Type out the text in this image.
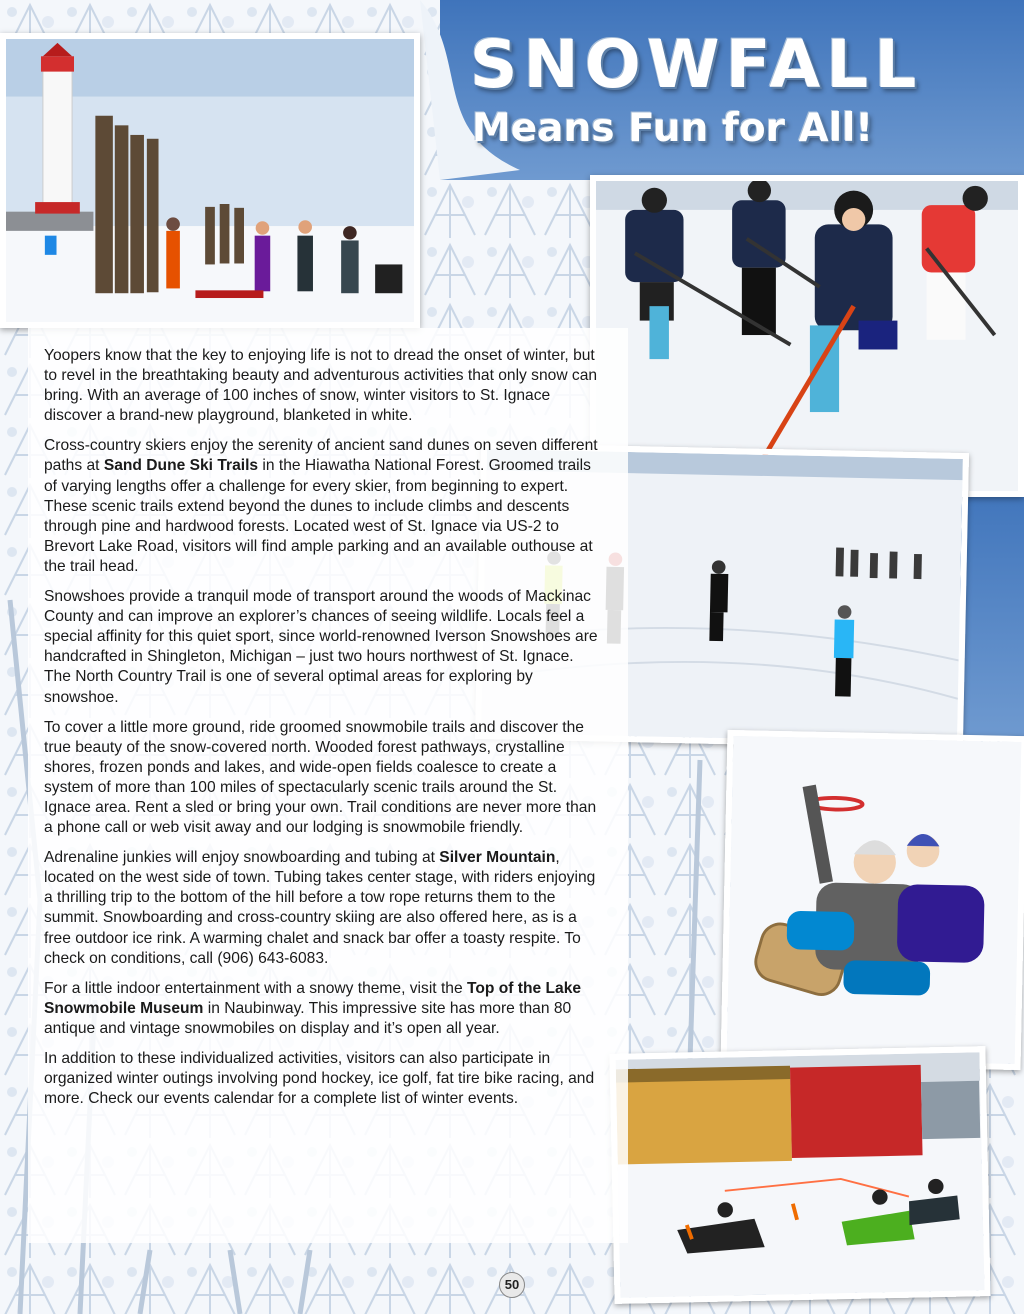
SNOWFALL
Means Fun for All!

Yoopers know that the key to enjoying life is not to dread the onset of winter, but to revel in the breathtaking beauty and adventurous activities that only snow can bring. With an average of 100 inches of snow, winter visitors to St. Ignace discover a brand-new playground, blanketed in white.

Cross-country skiers enjoy the serenity of ancient sand dunes on seven different paths at Sand Dune Ski Trails in the Hiawatha National Forest. Groomed trails of varying lengths offer a challenge for every skier, from beginning to expert. These scenic trails extend beyond the dunes to include climbs and descents through pine and hardwood forests. Located west of St. Ignace via US-2 to Brevort Lake Road, visitors will find ample parking and an available outhouse at the trail head.

Snowshoes provide a tranquil mode of transport around the woods of Mackinac County and can improve an explorer’s chances of seeing wildlife. Locals feel a special affinity for this quiet sport, since world-renowned Iverson Snowshoes are handcrafted in Shingleton, Michigan – just two hours northwest of St. Ignace. The North Country Trail is one of several optimal areas for exploring by snowshoe.

To cover a little more ground, ride groomed snowmobile trails and discover the true beauty of the snow-covered north. Wooded forest pathways, crystalline shores, frozen ponds and lakes, and wide-open fields coalesce to create a system of more than 100 miles of spectacularly scenic trails around the St. Ignace area. Rent a sled or bring your own. Trail conditions are never more than a phone call or web visit away and our lodging is snowmobile friendly.

Adrenaline junkies will enjoy snowboarding and tubing at Silver Mountain, located on the west side of town. Tubing takes center stage, with riders enjoying a thrilling trip to the bottom of the hill before a tow rope returns them to the summit. Snowboarding and cross-country skiing are also offered here, as is a free outdoor ice rink. A warming chalet and snack bar offer a toasty respite. To check on conditions, call (906) 643-6083.

For a little indoor entertainment with a snowy theme, visit the Top of the Lake Snowmobile Museum in Naubinway. This impressive site has more than 80 antique and vintage snowmobiles on display and it’s open all year.

In addition to these individualized activities, visitors can also participate in organized winter outings involving pond hockey, ice golf, fat tire bike racing, and more. Check our events calendar for a complete list of winter events.

50
